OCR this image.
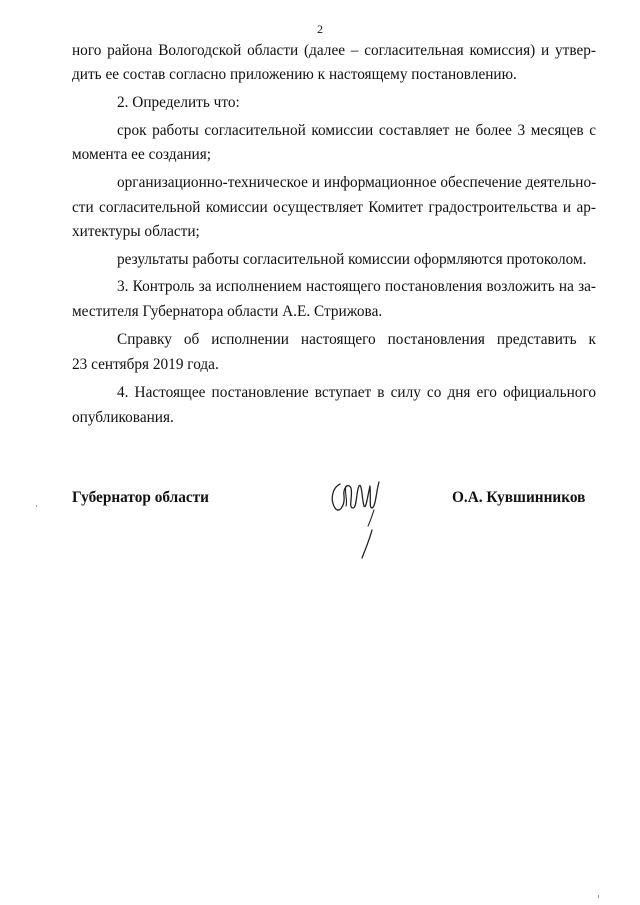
2
ного района Вологодской области (далее – согласительная комиссия) и утвер-
дить ее состав согласно приложению к настоящему постановлению.
2. Определить что:
срок работы согласительной комиссии составляет не более 3 месяцев с
момента ее создания;
организационно-техническое и информационное обеспечение деятельно-
сти согласительной комиссии осуществляет Комитет градостроительства и ар-
хитектуры области;
результаты работы согласительной комиссии оформляются протоколом.
3. Контроль за исполнением настоящего постановления возложить на за-
местителя Губернатора области А.Е. Стрижова.
Справку об исполнении настоящего постановления представить к
23 сентября 2019 года.
4. Настоящее постановление вступает в силу со дня его официального
опубликования.
Губернатор области	О.А. Кувшинников
